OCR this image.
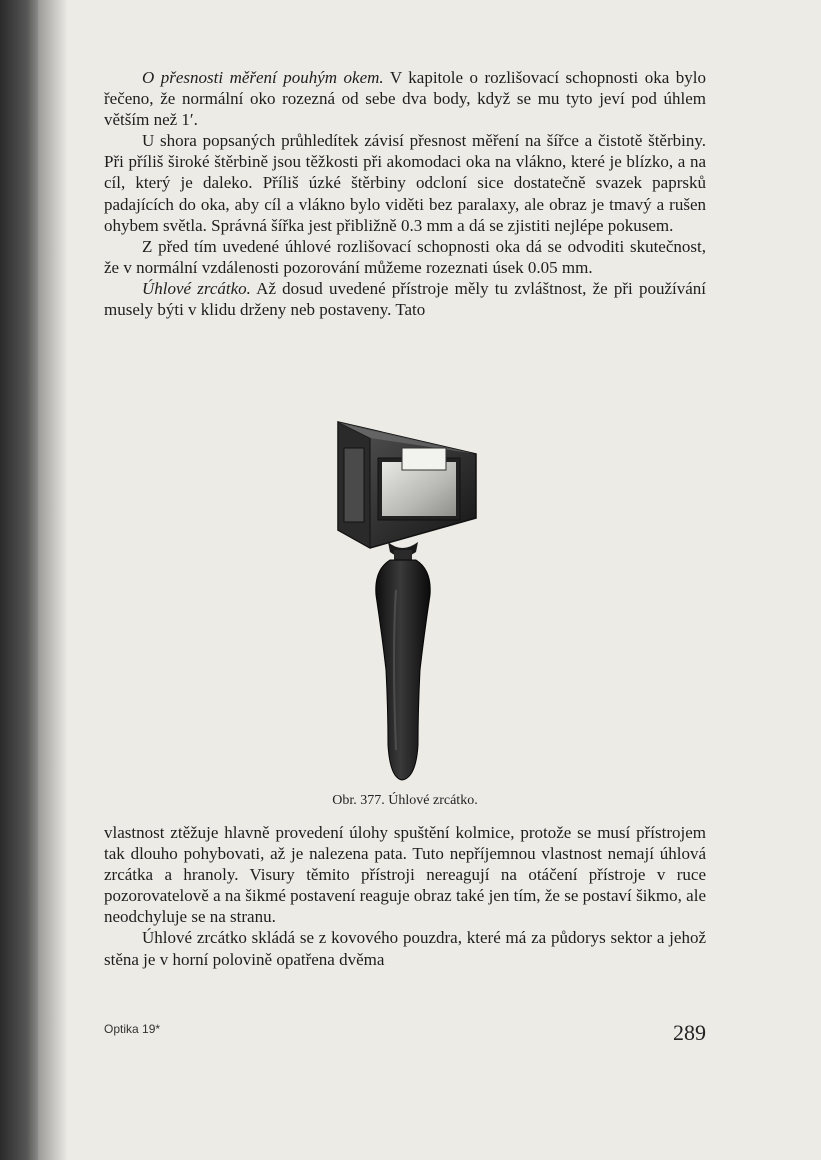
O přesnosti měření pouhým okem. V kapitole o rozlišovací schopnosti oka bylo řečeno, že normální oko rozezná od sebe dva body, když se mu tyto jeví pod úhlem větším než 1′.

U shora popsaných průhledítek závisí přesnost měření na šířce a čistotě štěrbiny. Při příliš široké štěrbině jsou těžkosti při akomodaci oka na vlákno, které je blízko, a na cíl, který je daleko. Příliš úzké štěrbiny odcloní sice dostatečně svazek paprsků padajících do oka, aby cíl a vlákno bylo viděti bez paralaxy, ale obraz je tmavý a rušen ohybem světla. Správná šířka jest přibližně 0.3 mm a dá se zjistiti nejlépe pokusem.

Z před tím uvedené úhlové rozlišovací schopnosti oka dá se odvoditi skutečnost, že v normální vzdálenosti pozorování můžeme rozeznati úsek 0.05 mm.

Úhlové zrcátko. Až dosud uvedené přístroje měly tu zvláštnost, že při používání musely býti v klidu drženy neb postaveny. Tato

Obr. 377. Úhlové zrcátko.

vlastnost ztěžuje hlavně provedení úlohy spuštění kolmice, protože se musí přístrojem tak dlouho pohybovati, až je nalezena pata. Tuto nepříjemnou vlastnost nemají úhlová zrcátka a hranoly. Visury těmito přístroji nereagují na otáčení přístroje v ruce pozorovatelově a na šikmé postavení reaguje obraz také jen tím, že se postaví šikmo, ale neodchyluje se na stranu.

Úhlové zrcátko skládá se z kovového pouzdra, které má za půdorys sektor a jehož stěna je v horní polovině opatřena dvěma

Optika 19*	289
